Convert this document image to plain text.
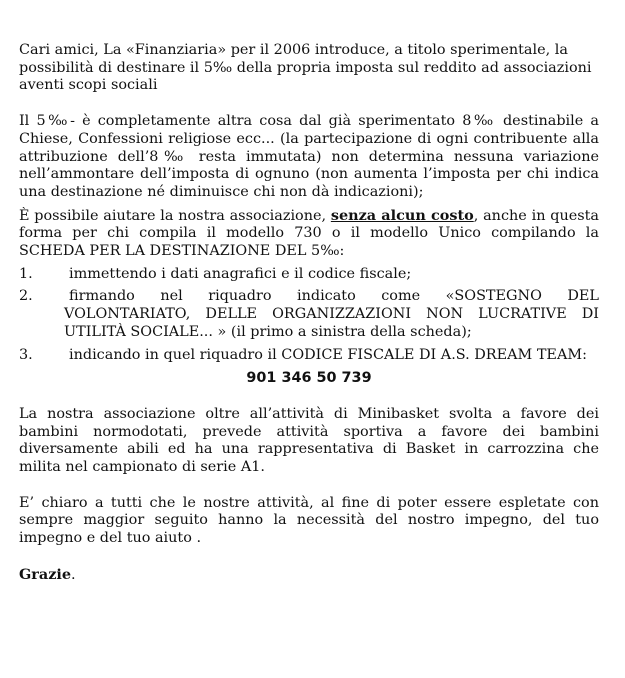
Cari amici, La «Finanziaria» per il 2006 introduce, a titolo sperimentale, la possibilità di destinare il 5‰ della propria imposta sul reddito ad associazioni aventi scopi sociali

Il 5‰- è completamente altra cosa dal già sperimentato 8‰ destinabile a Chiese, Confessioni religiose ecc... (la partecipazione di ogni contribuente alla attribuzione dell’8‰ resta immutata) non determina nessuna variazione nell’ammontare dell’imposta di ognuno (non aumenta l’imposta per chi indica una destinazione né diminuisce chi non dà indicazioni);

È possibile aiutare la nostra associazione, senza alcun costo, anche in questa forma per chi compila il modello 730 o il modello Unico compilando la SCHEDA PER LA DESTINAZIONE DEL 5‰:

1.	immettendo i dati anagrafici e il codice fiscale;
2.	firmando nel riquadro indicato come «SOSTEGNO DEL VOLONTARIATO, DELLE ORGANIZZAZIONI NON LUCRATIVE DI UTILITÀ SOCIALE... » (il primo a sinistra della scheda);
3.	indicando in quel riquadro il CODICE FISCALE DI A.S. DREAM TEAM:

901 346 50 739

La nostra associazione oltre all’attività di Minibasket svolta a favore dei bambini normodotati, prevede attività sportiva a favore dei bambini diversamente abili ed ha una rappresentativa di Basket in carrozzina che milita nel campionato di serie A1.

E’ chiaro a tutti che le nostre attività, al fine di poter essere espletate con sempre maggior seguito hanno la necessità del nostro impegno, del tuo impegno e del tuo aiuto .

Grazie.
